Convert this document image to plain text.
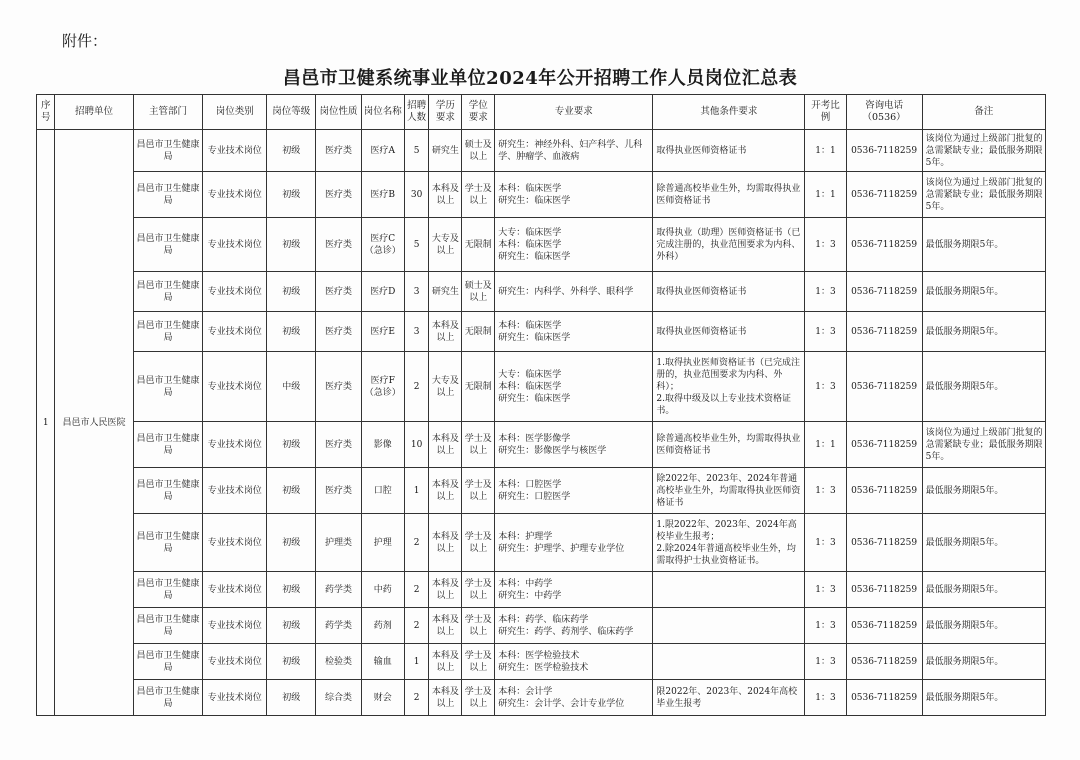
附件：
昌邑市卫健系统事业单位2024年公开招聘工作人员岗位汇总表
序号	招聘单位	主管部门	岗位类别	岗位等级	岗位性质	岗位名称	招聘人数	学历要求	学位要求	专业要求	其他条件要求	开考比例	咨询电话（0536）	备注
1	昌邑市人民医院	昌邑市卫生健康局	专业技术岗位	初级	医疗类	医疗A	5	研究生	硕士及以上	研究生：神经外科、妇产科学、儿科学、肿瘤学、血液病	取得执业医师资格证书	1：1	0536-7118259	该岗位为通过上级部门批复的急需紧缺专业；最低服务期限5年。
		昌邑市卫生健康局	专业技术岗位	初级	医疗类	医疗B	30	本科及以上	学士及以上	本科：临床医学
研究生：临床医学	除普通高校毕业生外，均需取得执业医师资格证书	1：1	0536-7118259	该岗位为通过上级部门批复的急需紧缺专业；最低服务期限5年。
		昌邑市卫生健康局	专业技术岗位	初级	医疗类	医疗C（急诊）	5	大专及以上	无限制	大专：临床医学
本科：临床医学
研究生：临床医学	取得执业（助理）医师资格证书（已完成注册的，执业范围要求为内科、外科）	1：3	0536-7118259	最低服务期限5年。
		昌邑市卫生健康局	专业技术岗位	初级	医疗类	医疗D	3	研究生	硕士及以上	研究生：内科学、外科学、眼科学	取得执业医师资格证书	1：3	0536-7118259	最低服务期限5年。
		昌邑市卫生健康局	专业技术岗位	初级	医疗类	医疗E	3	本科及以上	无限制	本科：临床医学
研究生：临床医学	取得执业医师资格证书	1：3	0536-7118259	最低服务期限5年。
		昌邑市卫生健康局	专业技术岗位	中级	医疗类	医疗F（急诊）	2	大专及以上	无限制	大专：临床医学
本科：临床医学
研究生：临床医学	1.取得执业医师资格证书（已完成注册的，执业范围要求为内科、外科）；
2.取得中级及以上专业技术资格证书。	1：3	0536-7118259	最低服务期限5年。
		昌邑市卫生健康局	专业技术岗位	初级	医疗类	影像	10	本科及以上	学士及以上	本科：医学影像学
研究生：影像医学与核医学	除普通高校毕业生外，均需取得执业医师资格证书	1：1	0536-7118259	该岗位为通过上级部门批复的急需紧缺专业；最低服务期限5年。
		昌邑市卫生健康局	专业技术岗位	初级	医疗类	口腔	1	本科及以上	学士及以上	本科：口腔医学
研究生：口腔医学	除2022年、2023年、2024年普通高校毕业生外，均需取得执业医师资格证书	1：3	0536-7118259	最低服务期限5年。
		昌邑市卫生健康局	专业技术岗位	初级	护理类	护理	2	本科及以上	学士及以上	本科：护理学
研究生：护理学、护理专业学位	1.限2022年、2023年、2024年高校毕业生报考；
2.除2024年普通高校毕业生外，均需取得护士执业资格证书。	1：3	0536-7118259	最低服务期限5年。
		昌邑市卫生健康局	专业技术岗位	初级	药学类	中药	2	本科及以上	学士及以上	本科：中药学
研究生：中药学		1：3	0536-7118259	最低服务期限5年。
		昌邑市卫生健康局	专业技术岗位	初级	药学类	药剂	2	本科及以上	学士及以上	本科：药学、临床药学
研究生：药学、药剂学、临床药学		1：3	0536-7118259	最低服务期限5年。
		昌邑市卫生健康局	专业技术岗位	初级	检验类	输血	1	本科及以上	学士及以上	本科：医学检验技术
研究生：医学检验技术		1：3	0536-7118259	最低服务期限5年。
		昌邑市卫生健康局	专业技术岗位	初级	综合类	财会	2	本科及以上	学士及以上	本科：会计学
研究生：会计学、会计专业学位	限2022年、2023年、2024年高校毕业生报考	1：3	0536-7118259	最低服务期限5年。
